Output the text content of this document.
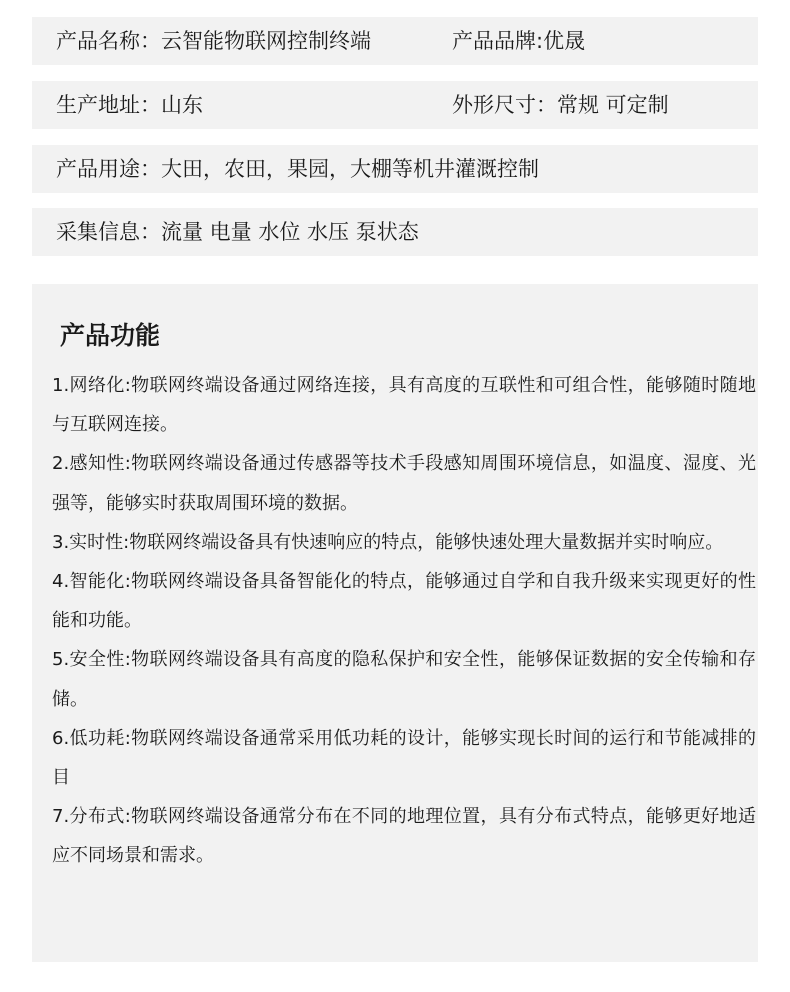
产品名称：云智能物联网控制终端	产品品牌:优晟
生产地址：山东	外形尺寸：常规 可定制
产品用途：大田，农田，果园，大棚等机井灌溉控制
采集信息：流量 电量 水位 水压 泵状态
产品功能
1.网络化:物联网终端设备通过网络连接，具有高度的互联性和可组合性，能够随时随地与互联网连接。
2.感知性:物联网终端设备通过传感器等技术手段感知周围环境信息，如温度、湿度、光强等，能够实时获取周围环境的数据。
3.实时性:物联网终端设备具有快速响应的特点，能够快速处理大量数据并实时响应。
4.智能化:物联网终端设备具备智能化的特点，能够通过自学和自我升级来实现更好的性能和功能。
5.安全性:物联网终端设备具有高度的隐私保护和安全性，能够保证数据的安全传输和存储。
6.低功耗:物联网终端设备通常采用低功耗的设计，能够实现长时间的运行和节能减排的目
7.分布式:物联网终端设备通常分布在不同的地理位置，具有分布式特点，能够更好地适应不同场景和需求。
